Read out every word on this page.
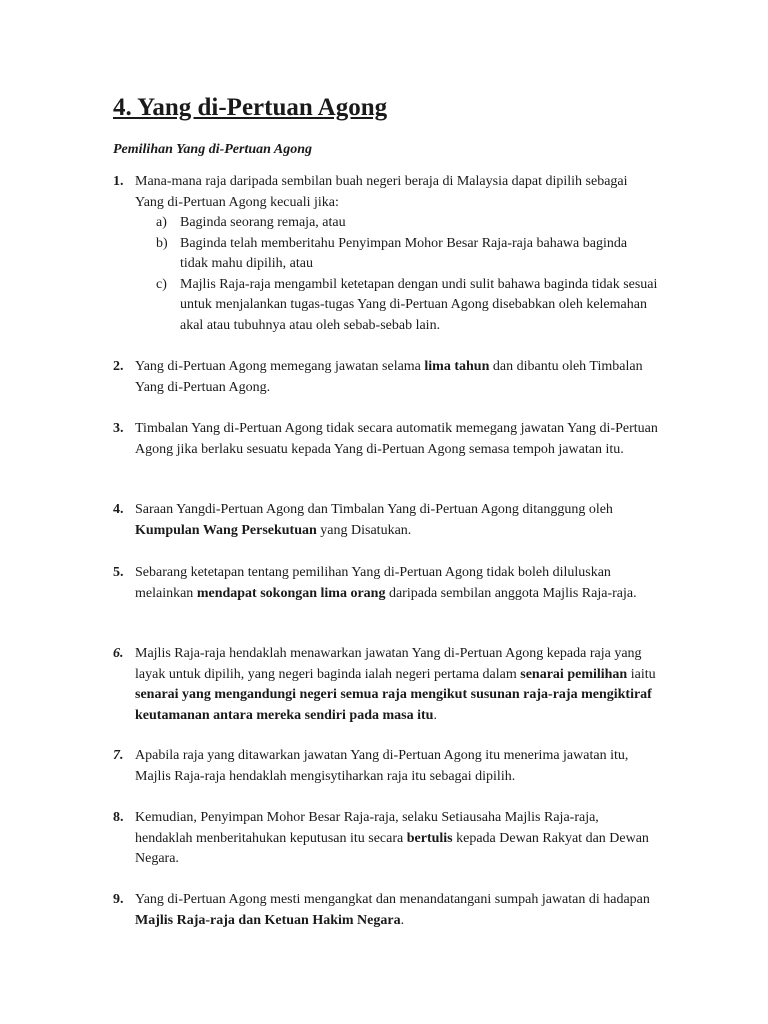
4. Yang di-Pertuan Agong
Pemilihan Yang di-Pertuan Agong
1. Mana-mana raja daripada sembilan buah negeri beraja di Malaysia dapat dipilih sebagai Yang di-Pertuan Agong kecuali jika:
a) Baginda seorang remaja, atau
b) Baginda telah memberitahu Penyimpan Mohor Besar Raja-raja bahawa baginda tidak mahu dipilih, atau
c) Majlis Raja-raja mengambil ketetapan dengan undi sulit bahawa baginda tidak sesuai untuk menjalankan tugas-tugas Yang di-Pertuan Agong disebabkan oleh kelemahan akal atau tubuhnya atau oleh sebab-sebab lain.
2. Yang di-Pertuan Agong memegang jawatan selama lima tahun dan dibantu oleh Timbalan Yang di-Pertuan Agong.
3. Timbalan Yang di-Pertuan Agong tidak secara automatik memegang jawatan Yang di-Pertuan Agong jika berlaku sesuatu kepada Yang di-Pertuan Agong semasa tempoh jawatan itu.
4. Saraan Yangdi-Pertuan Agong dan Timbalan Yang di-Pertuan Agong ditanggung oleh Kumpulan Wang Persekutuan yang Disatukan.
5. Sebarang ketetapan tentang pemilihan Yang di-Pertuan Agong tidak boleh diluluskan melainkan mendapat sokongan lima orang daripada sembilan anggota Majlis Raja-raja.
6. Majlis Raja-raja hendaklah menawarkan jawatan Yang di-Pertuan Agong kepada raja yang layak untuk dipilih, yang negeri baginda ialah negeri pertama dalam senarai pemilihan iaitu senarai yang mengandungi negeri semua raja mengikut susunan raja-raja mengiktiraf keutamanan antara mereka sendiri pada masa itu.
7. Apabila raja yang ditawarkan jawatan Yang di-Pertuan Agong itu menerima jawatan itu, Majlis Raja-raja hendaklah mengisytiharkan raja itu sebagai dipilih.
8. Kemudian, Penyimpan Mohor Besar Raja-raja, selaku Setiausaha Majlis Raja-raja, hendaklah menberitahukan keputusan itu secara bertulis kepada Dewan Rakyat dan Dewan Negara.
9. Yang di-Pertuan Agong mesti mengangkat dan menandatangani sumpah jawatan di hadapan Majlis Raja-raja dan Ketuan Hakim Negara.
